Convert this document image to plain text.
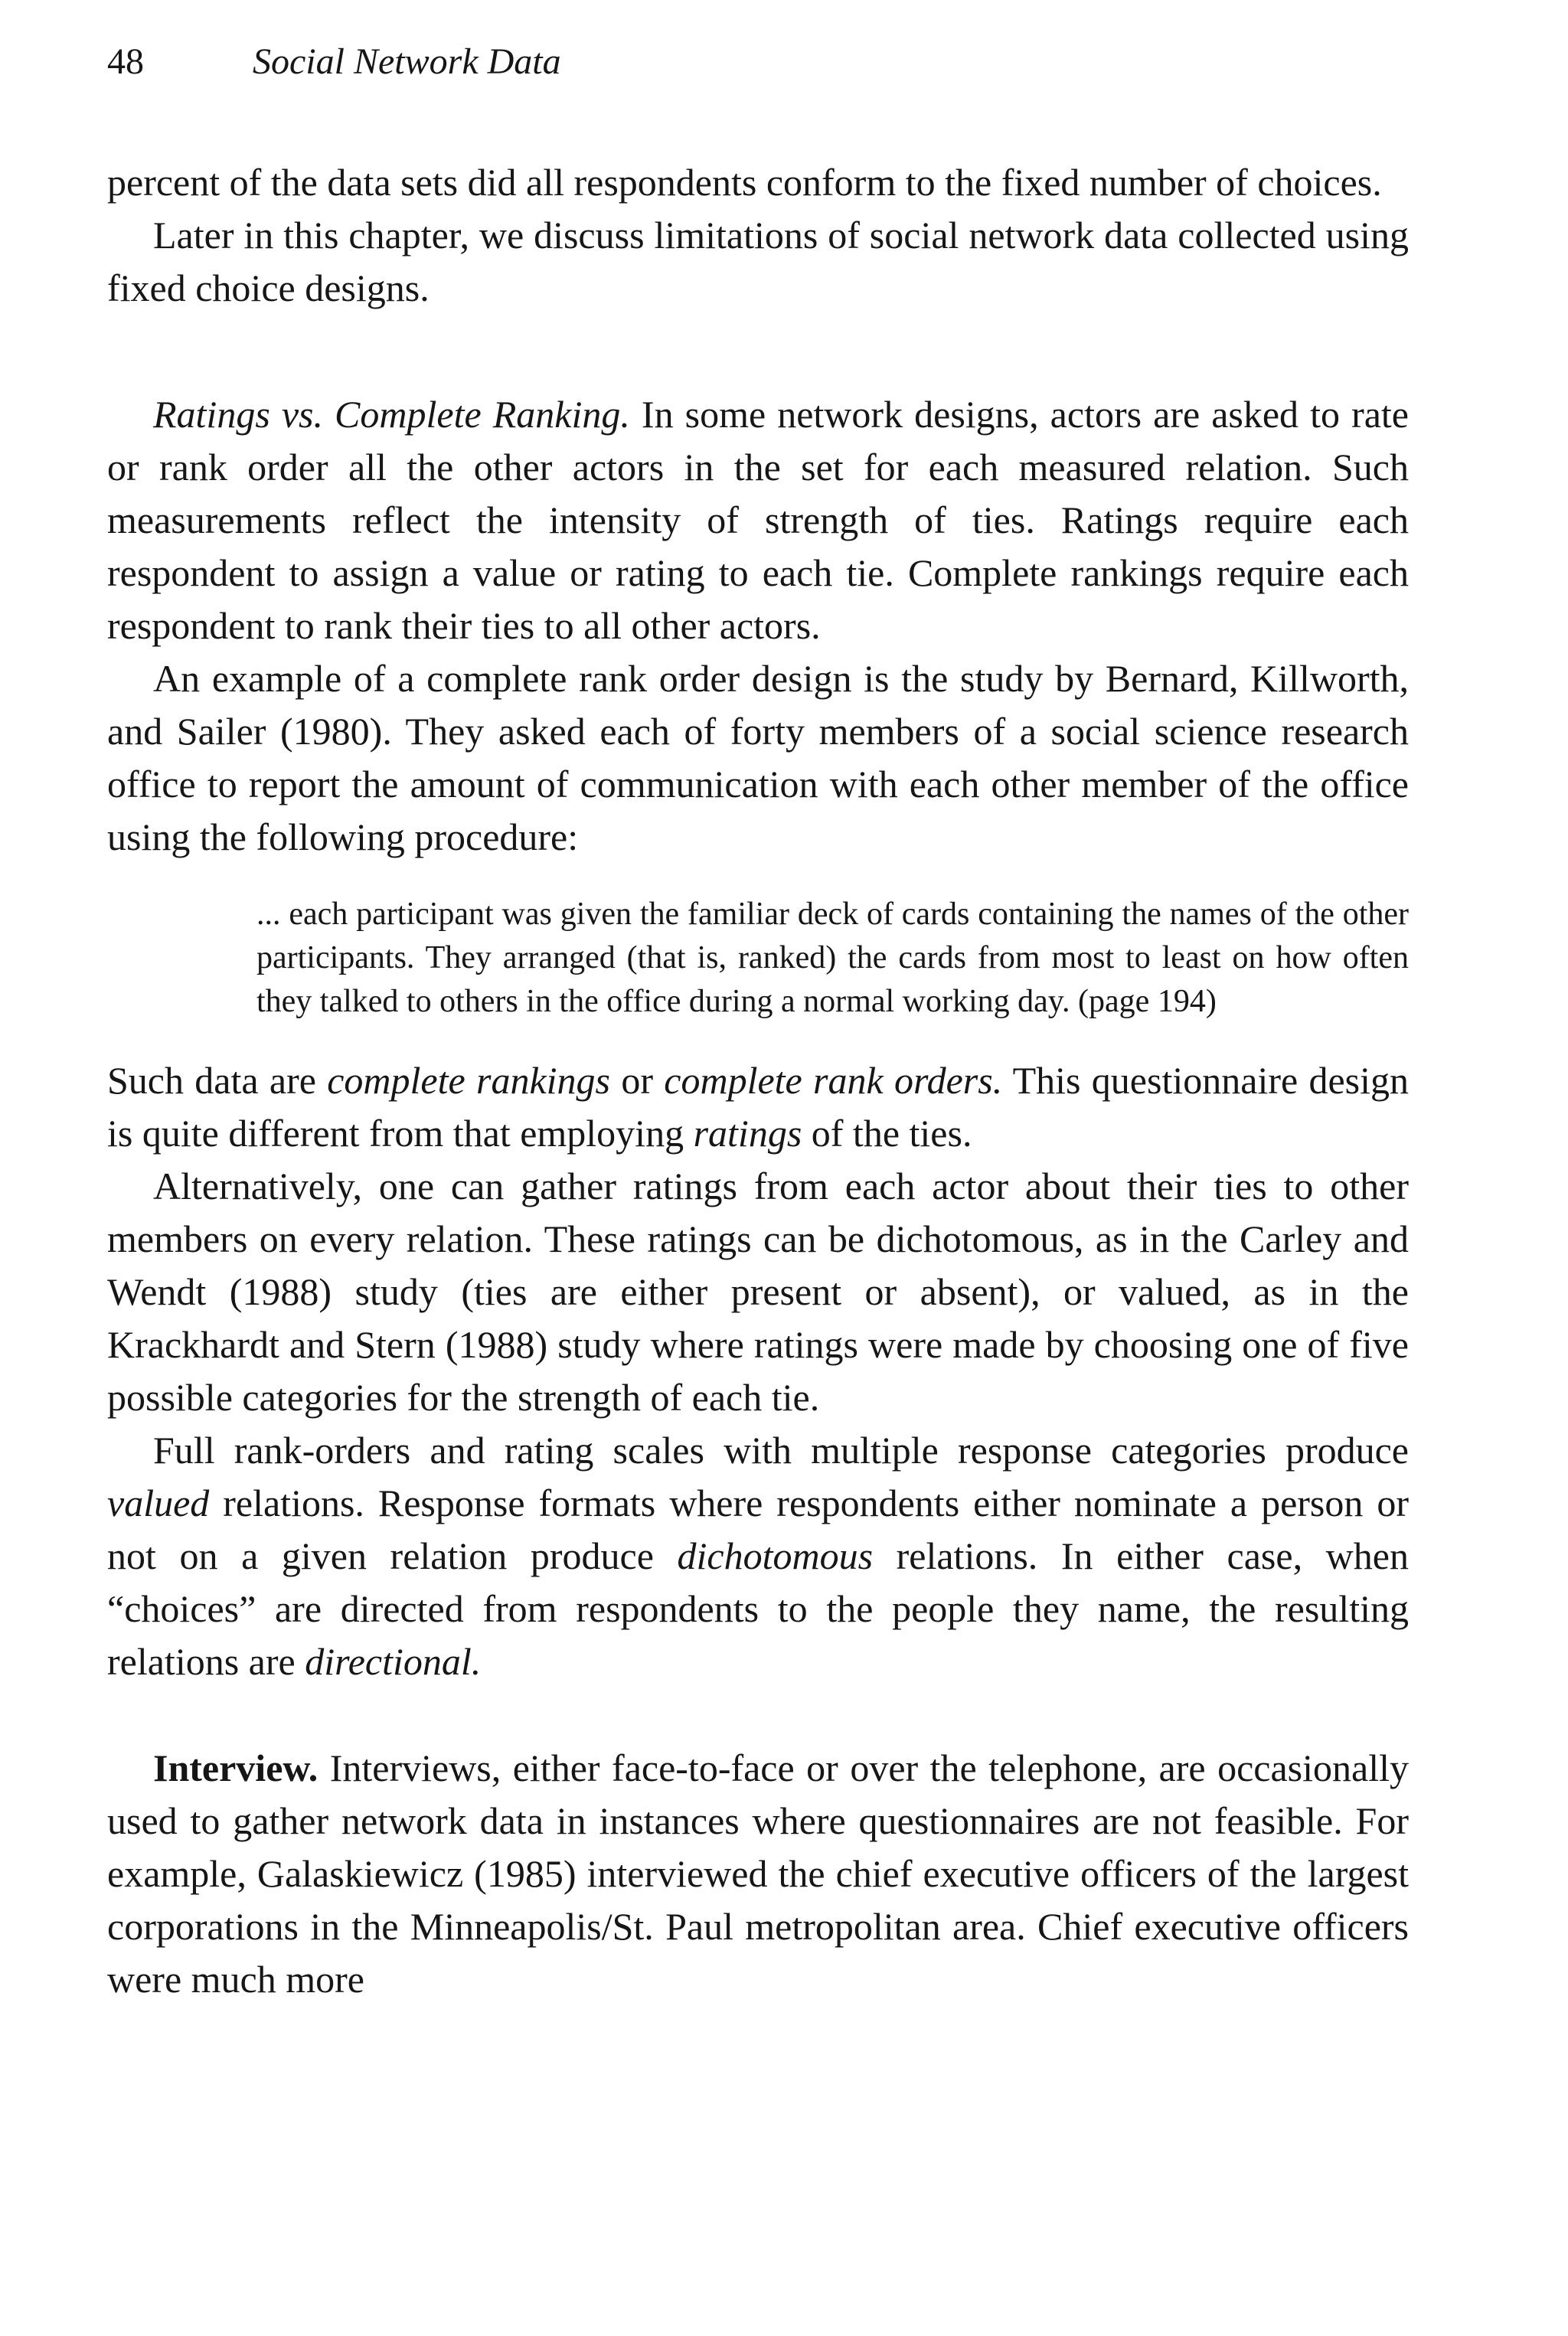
48	Social Network Data

percent of the data sets did all respondents conform to the fixed number of choices.

Later in this chapter, we discuss limitations of social network data collected using fixed choice designs.

Ratings vs. Complete Ranking. In some network designs, actors are asked to rate or rank order all the other actors in the set for each measured relation. Such measurements reflect the intensity of strength of ties. Ratings require each respondent to assign a value or rating to each tie. Complete rankings require each respondent to rank their ties to all other actors.

An example of a complete rank order design is the study by Bernard, Killworth, and Sailer (1980). They asked each of forty members of a social science research office to report the amount of communication with each other member of the office using the following procedure:

... each participant was given the familiar deck of cards containing the names of the other participants. They arranged (that is, ranked) the cards from most to least on how often they talked to others in the office during a normal working day. (page 194)

Such data are complete rankings or complete rank orders. This questionnaire design is quite different from that employing ratings of the ties.

Alternatively, one can gather ratings from each actor about their ties to other members on every relation. These ratings can be dichotomous, as in the Carley and Wendt (1988) study (ties are either present or absent), or valued, as in the Krackhardt and Stern (1988) study where ratings were made by choosing one of five possible categories for the strength of each tie.

Full rank-orders and rating scales with multiple response categories produce valued relations. Response formats where respondents either nominate a person or not on a given relation produce dichotomous relations. In either case, when “choices” are directed from respondents to the people they name, the resulting relations are directional.

Interview. Interviews, either face-to-face or over the telephone, are occasionally used to gather network data in instances where questionnaires are not feasible. For example, Galaskiewicz (1985) interviewed the chief executive officers of the largest corporations in the Minneapolis/St. Paul metropolitan area. Chief executive officers were much more
